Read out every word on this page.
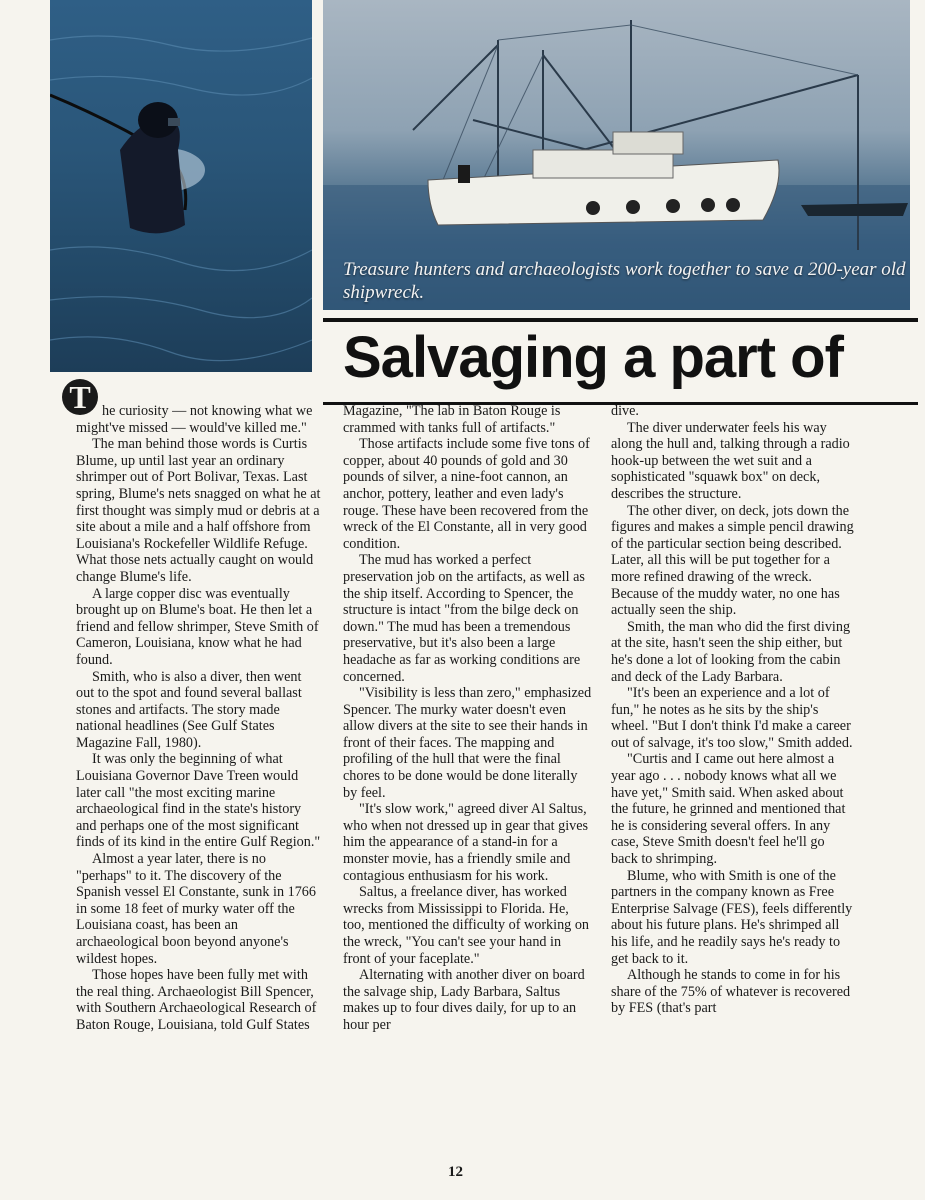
Treasure hunters and archaeologists work together to save a 200-year old shipwreck.
Salvaging a part of

T he curiosity — not knowing what we might've missed — would've killed me."

The man behind those words is Curtis Blume, up until last year an ordinary shrimper out of Port Bolivar, Texas. Last spring, Blume's nets snagged on what he at first thought was simply mud or debris at a site about a mile and a half offshore from Louisiana's Rockefeller Wildlife Refuge. What those nets actually caught on would change Blume's life.

A large copper disc was eventually brought up on Blume's boat. He then let a friend and fellow shrimper, Steve Smith of Cameron, Louisiana, know what he had found.

Smith, who is also a diver, then went out to the spot and found several ballast stones and artifacts. The story made national headlines (See Gulf States Magazine Fall, 1980).

It was only the beginning of what Louisiana Governor Dave Treen would later call "the most exciting marine archaeological find in the state's history and perhaps one of the most significant finds of its kind in the entire Gulf Region."

Almost a year later, there is no "perhaps" to it. The discovery of the Spanish vessel El Constante, sunk in 1766 in some 18 feet of murky water off the Louisiana coast, has been an archaeological boon beyond anyone's wildest hopes.

Those hopes have been fully met with the real thing. Archaeologist Bill Spencer, with Southern Archaeological Research of Baton Rouge, Louisiana, told Gulf States

Magazine, "The lab in Baton Rouge is crammed with tanks full of artifacts."

Those artifacts include some five tons of copper, about 40 pounds of gold and 30 pounds of silver, a nine-foot cannon, an anchor, pottery, leather and even lady's rouge. These have been recovered from the wreck of the El Constante, all in very good condition.

The mud has worked a perfect preservation job on the artifacts, as well as the ship itself. According to Spencer, the structure is intact "from the bilge deck on down." The mud has been a tremendous preservative, but it's also been a large headache as far as working conditions are concerned.

"Visibility is less than zero," emphasized Spencer. The murky water doesn't even allow divers at the site to see their hands in front of their faces. The mapping and profiling of the hull that were the final chores to be done would be done literally by feel.

"It's slow work," agreed diver Al Saltus, who when not dressed up in gear that gives him the appearance of a stand-in for a monster movie, has a friendly smile and contagious enthusiasm for his work.

Saltus, a freelance diver, has worked wrecks from Mississippi to Florida. He, too, mentioned the difficulty of working on the wreck, "You can't see your hand in front of your faceplate."

Alternating with another diver on board the salvage ship, Lady Barbara, Saltus makes up to four dives daily, for up to an hour per

dive.

The diver underwater feels his way along the hull and, talking through a radio hook-up between the wet suit and a sophisticated "squawk box" on deck, describes the structure.

The other diver, on deck, jots down the figures and makes a simple pencil drawing of the particular section being described. Later, all this will be put together for a more refined drawing of the wreck. Because of the muddy water, no one has actually seen the ship.

Smith, the man who did the first diving at the site, hasn't seen the ship either, but he's done a lot of looking from the cabin and deck of the Lady Barbara.

"It's been an experience and a lot of fun," he notes as he sits by the ship's wheel. "But I don't think I'd make a career out of salvage, it's too slow," Smith added.

"Curtis and I came out here almost a year ago . . . nobody knows what all we have yet," Smith said. When asked about the future, he grinned and mentioned that he is considering several offers. In any case, Steve Smith doesn't feel he'll go back to shrimping.

Blume, who with Smith is one of the partners in the company known as Free Enterprise Salvage (FES), feels differently about his future plans. He's shrimped all his life, and he readily says he's ready to get back to it.

Although he stands to come in for his share of the 75% of whatever is recovered by FES (that's part

12
